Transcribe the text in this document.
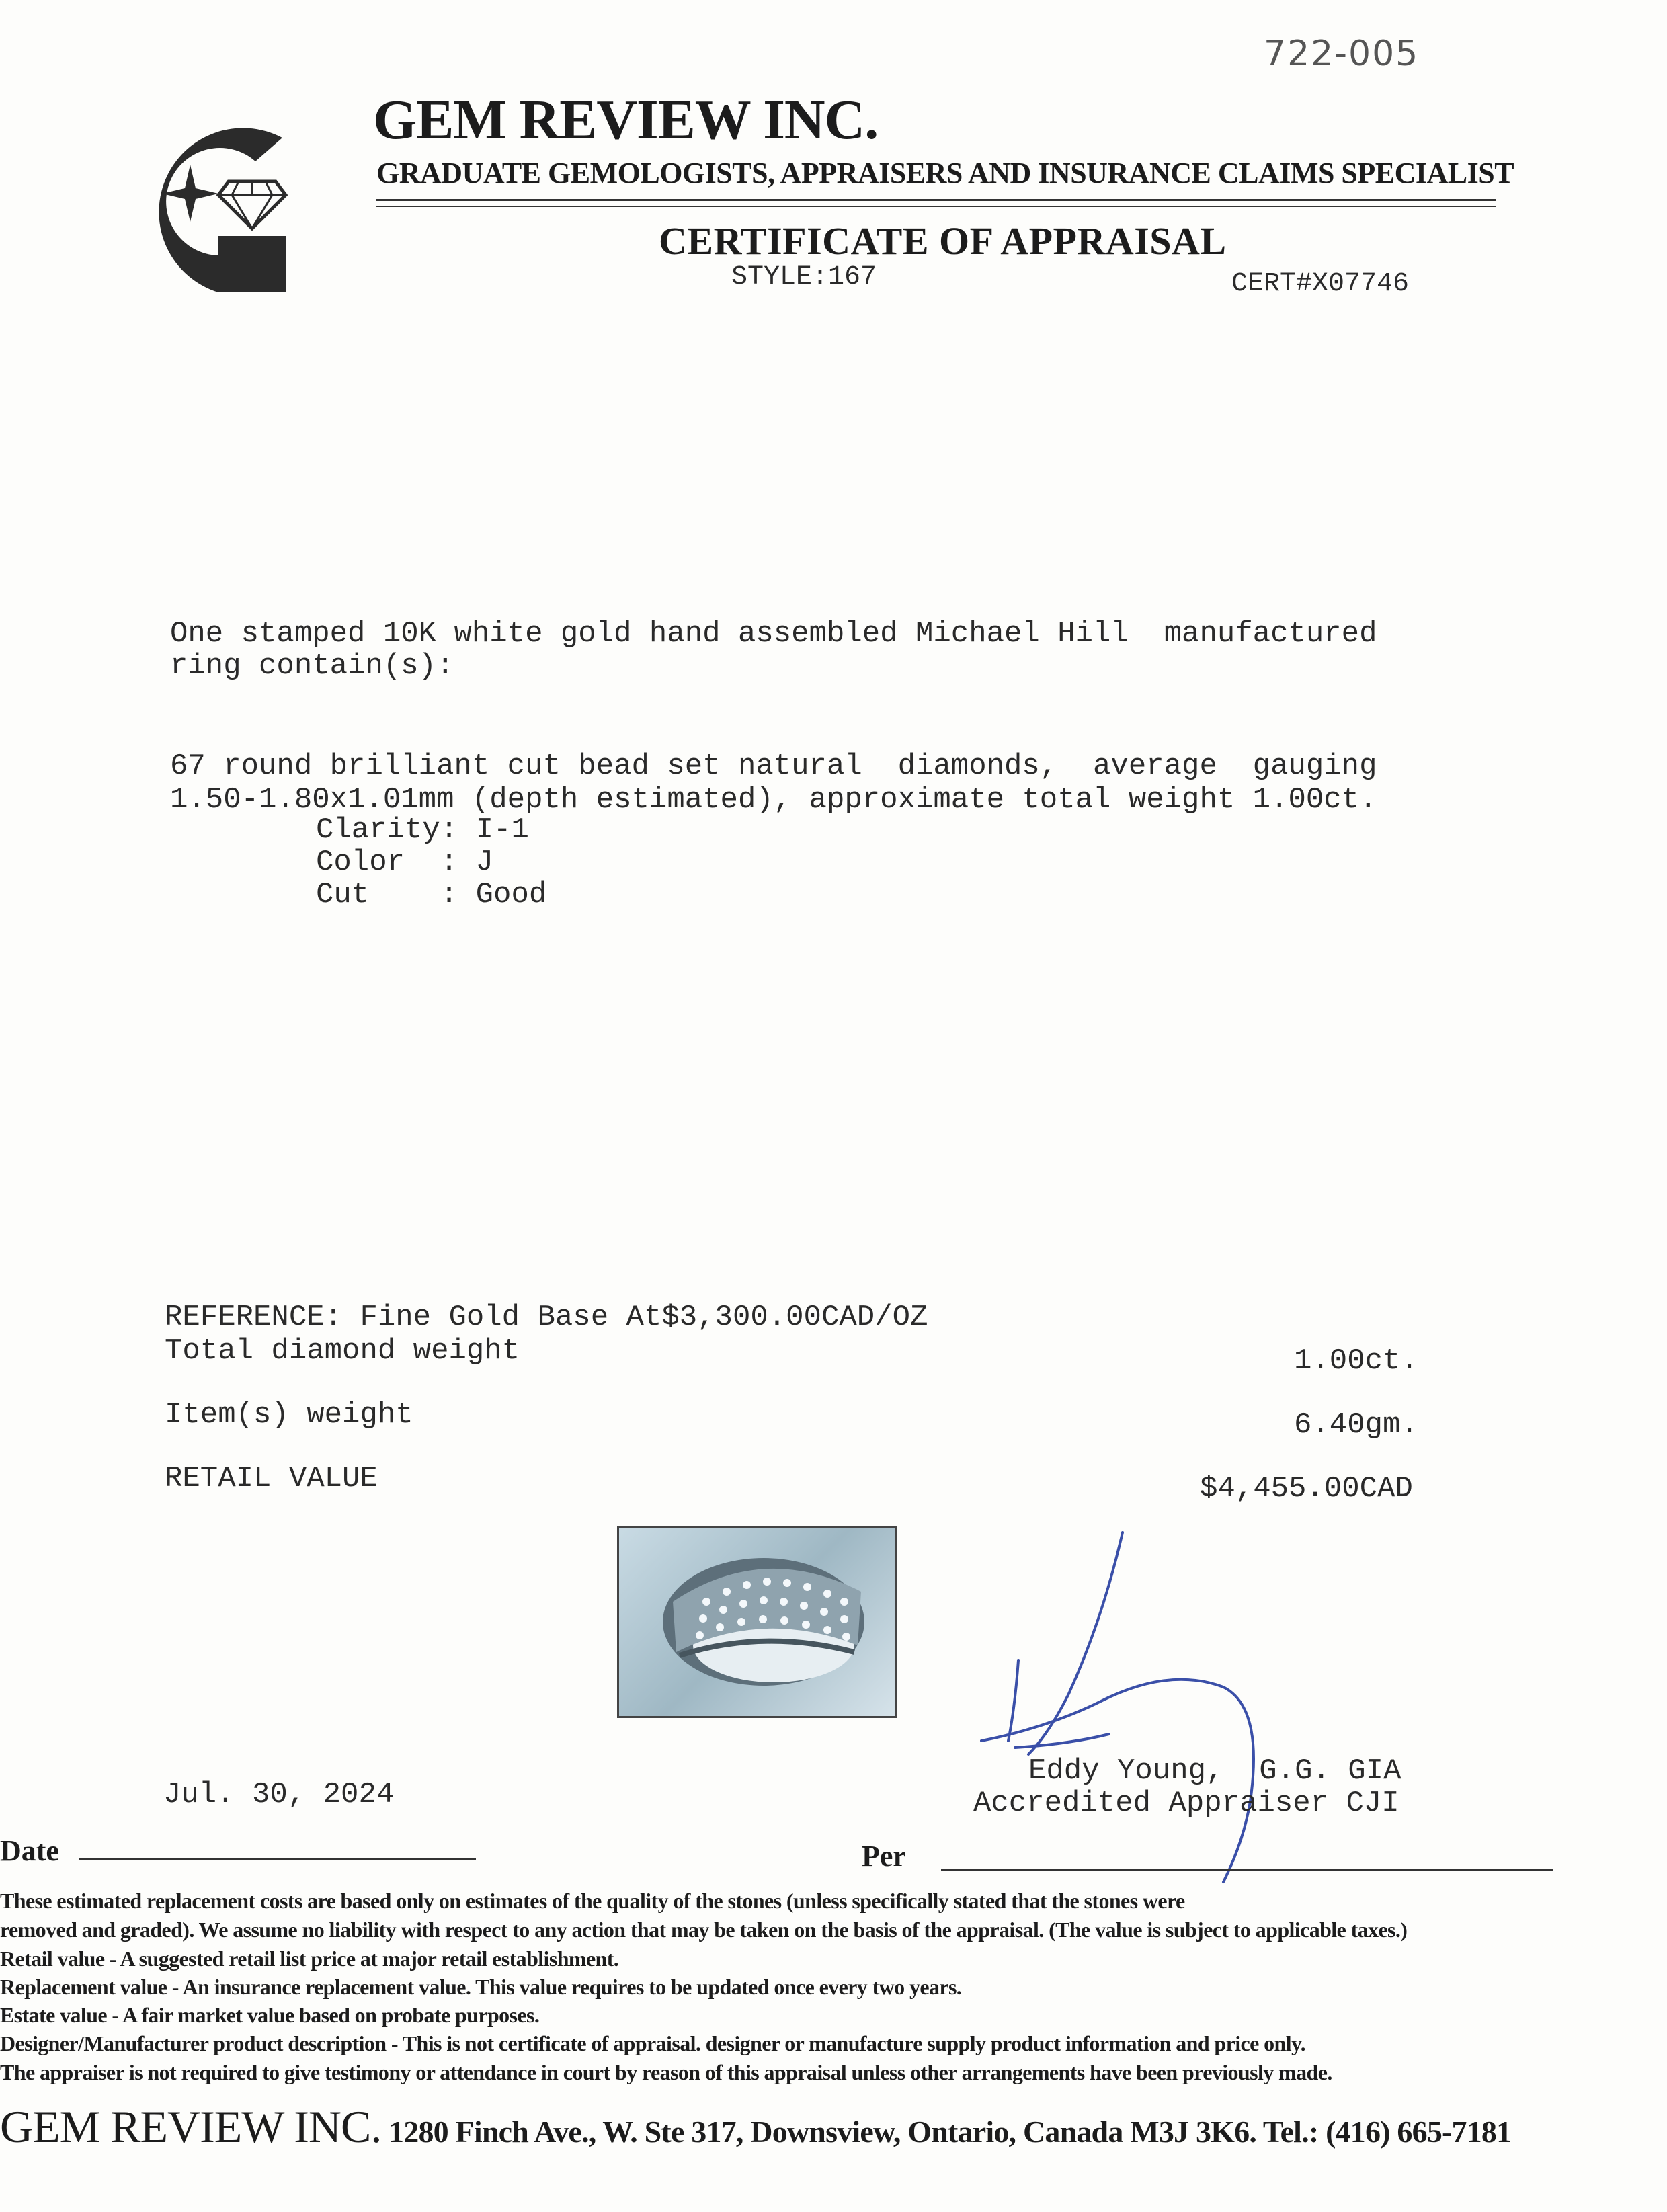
722-005
GEM REVIEW INC.
GRADUATE GEMOLOGISTS, APPRAISERS AND INSURANCE CLAIMS SPECIALIST
CERTIFICATE OF APPRAISAL
STYLE:167	CERT#X07746
One stamped 10K white gold hand assembled Michael Hill  manufactured
ring contain(s):
67 round brilliant cut bead set natural  diamonds,  average  gauging
1.50-1.80x1.01mm (depth estimated), approximate total weight 1.00ct.
Clarity: I-1
Color  : J
Cut    : Good
REFERENCE: Fine Gold Base At$3,300.00CAD/OZ
Total diamond weight	1.00ct.
Item(s) weight	6.40gm.
RETAIL VALUE	$4,455.00CAD
Jul. 30, 2024
Eddy Young,  G.G. GIA
Accredited Appraiser CJI
Date	Per
These estimated replacement costs are based only on estimates of the quality of the stones (unless specifically stated that the stones were
removed and graded). We assume no liability with respect to any action that may be taken on the basis of the appraisal. (The value is subject to applicable taxes.)
Retail value - A suggested retail list price at major retail establishment.
Replacement value - An insurance replacement value. This value requires to be updated once every two years.
Estate value - A fair market value based on probate purposes.
Designer/Manufacturer product description - This is not certificate of appraisal. designer or manufacture supply product information and price only.
The appraiser is not required to give testimony or attendance in court by reason of this appraisal unless other arrangements have been previously made.
GEM REVIEW INC. 1280 Finch Ave., W. Ste 317, Downsview, Ontario, Canada M3J 3K6. Tel.: (416) 665-7181
